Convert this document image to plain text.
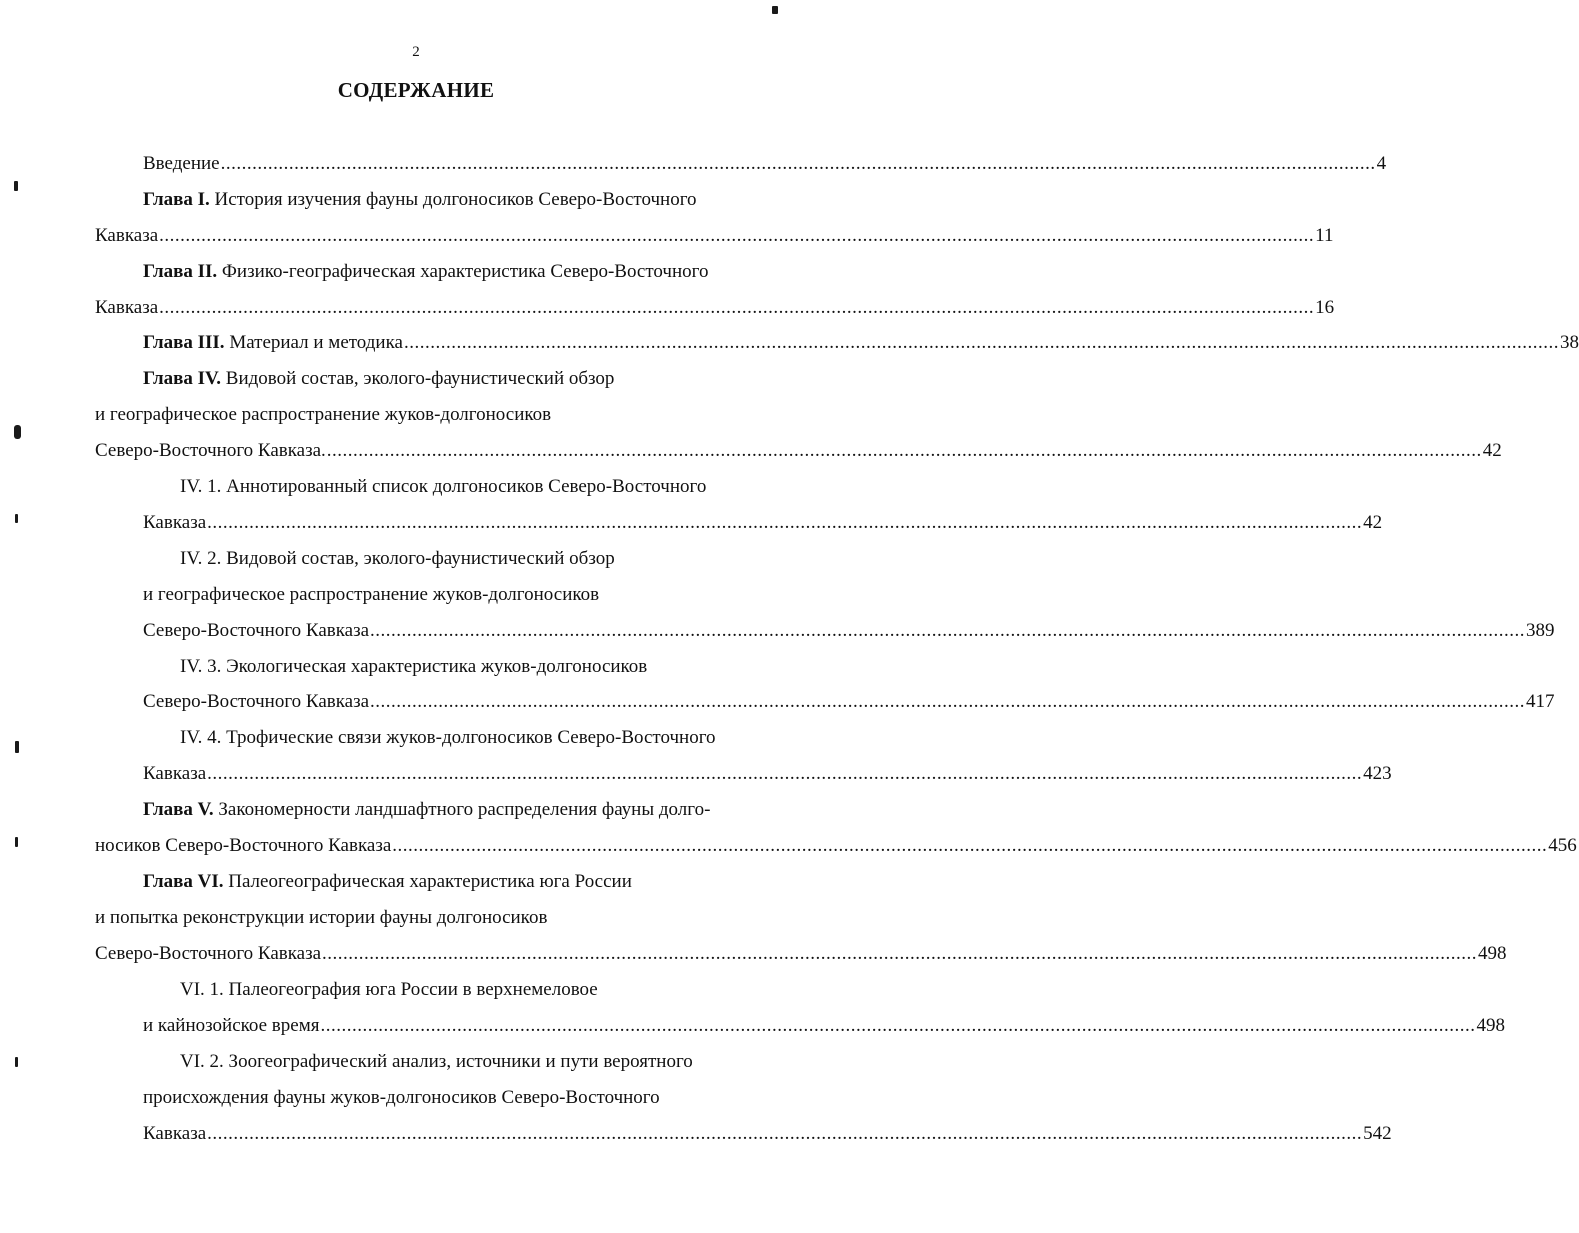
2
СОДЕРЖАНИЕ
Введение ............................................................................................................................................................................................................................ 4
Глава I. История изучения фауны долгоносиков Северо-Восточного
Кавказа ............................................................................................................................................................................................................................ 11
Глава II. Физико-географическая характеристика Северо-Восточного
Кавказа ............................................................................................................................................................................................................................ 16
Глава III. Материал и методика ............................................................................................................................................................................................................................ 38
Глава IV. Видовой состав, эколого-фаунистический обзор
и географическое распространение жуков-долгоносиков
Северо-Восточного Кавказа. ............................................................................................................................................................................................................................ 42
IV. 1. Аннотированный список долгоносиков Северо-Восточного
Кавказа ............................................................................................................................................................................................................................ 42
IV. 2. Видовой состав, эколого-фаунистический обзор
и географическое распространение жуков-долгоносиков
Северо-Восточного Кавказа ............................................................................................................................................................................................................................ 389
IV. 3. Экологическая характеристика жуков-долгоносиков
Северо-Восточного Кавказа ............................................................................................................................................................................................................................ 417
IV. 4. Трофические связи жуков-долгоносиков Северо-Восточного
Кавказа ............................................................................................................................................................................................................................ 423
Глава V. Закономерности ландшафтного распределения фауны долго-
носиков Северо-Восточного Кавказа ............................................................................................................................................................................................................................ 456
Глава VI. Палеогеографическая характеристика юга России
и попытка реконструкции истории фауны долгоносиков
Северо-Восточного Кавказа ............................................................................................................................................................................................................................ 498
VI. 1. Палеогеография юга России в верхнемеловое
и кайнозойское время ............................................................................................................................................................................................................................ 498
VI. 2. Зоогеографический анализ, источники и пути вероятного
происхождения фауны жуков-долгоносиков Северо-Восточного
Кавказа ............................................................................................................................................................................................................................ 542
